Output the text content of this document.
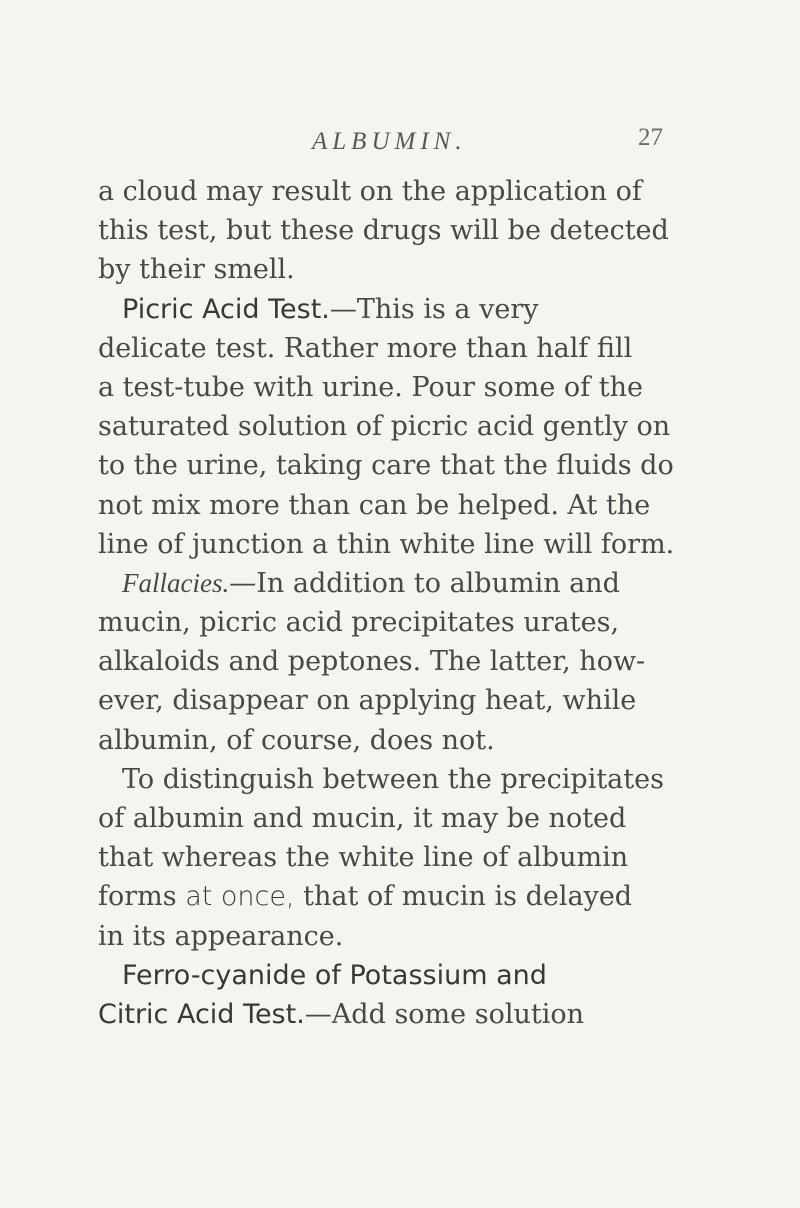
ALBUMIN.	27
a cloud may result on the application of
this test, but these drugs will be detected
by their smell.
Picric Acid Test.—This is a very
delicate test. Rather more than half fill
a test-tube with urine. Pour some of the
saturated solution of picric acid gently on
to the urine, taking care that the fluids do
not mix more than can be helped. At the
line of junction a thin white line will form.
Fallacies.—In addition to albumin and
mucin, picric acid precipitates urates,
alkaloids and peptones. The latter, how-
ever, disappear on applying heat, while
albumin, of course, does not.
To distinguish between the precipitates
of albumin and mucin, it may be noted
that whereas the white line of albumin
forms at once, that of mucin is delayed
in its appearance.
Ferro-cyanide of Potassium and
Citric Acid Test.—Add some solution
